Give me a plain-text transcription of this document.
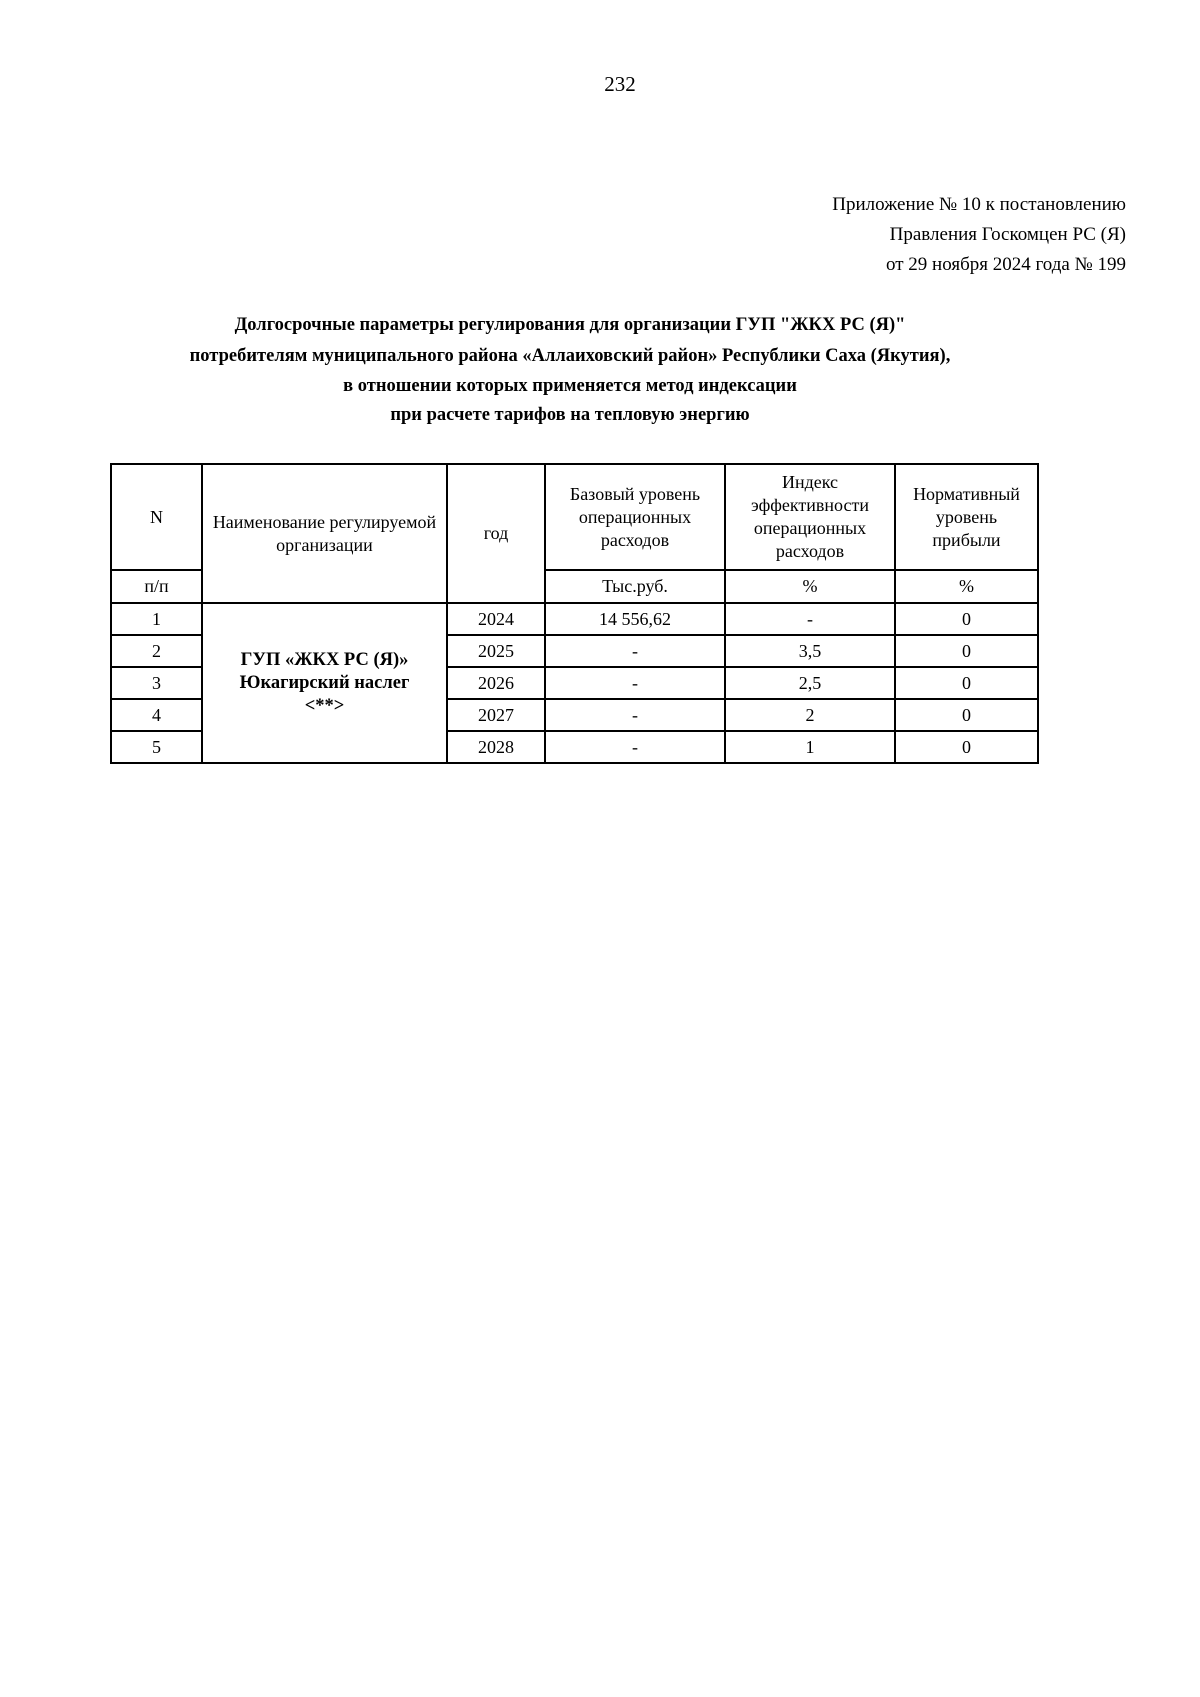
232
Приложение № 10 к постановлению
Правления Госкомцен РС (Я)
от 29 ноября 2024 года № 199
Долгосрочные параметры регулирования для организации ГУП "ЖКХ РС (Я)"
потребителям муниципального района «Аллаиховский район» Республики Саха (Якутия),
в отношении которых применяется метод индексации
при расчете тарифов на тепловую энергию
N	Наименование регулируемой организации	год	Базовый уровень операционных расходов	Индекс эффективности операционных расходов	Нормативный уровень прибыли
п/п			Тыс.руб.	%	%
1	ГУП «ЖКХ РС (Я)»
Юкагирский наслег
<**>	2024	14 556,62	-	0
2		2025	-	3,5	0
3		2026	-	2,5	0
4		2027	-	2	0
5		2028	-	1	0
